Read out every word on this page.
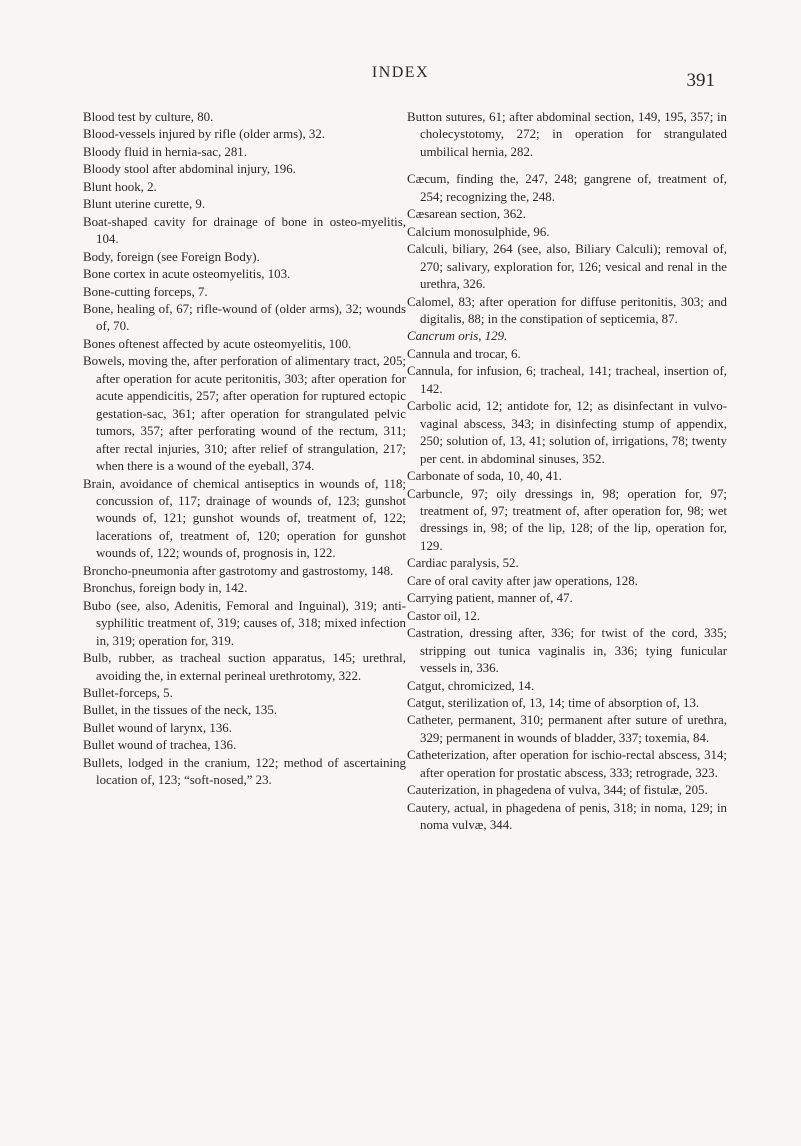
INDEX	391
Blood test by culture, 80.
Blood-vessels injured by rifle (older arms), 32.
Bloody fluid in hernia-sac, 281.
Bloody stool after abdominal injury, 196.
Blunt hook, 2.
Blunt uterine curette, 9.
Boat-shaped cavity for drainage of bone in osteo-myelitis, 104.
Body, foreign (see Foreign Body).
Bone cortex in acute osteomyelitis, 103.
Bone-cutting forceps, 7.
Bone, healing of, 67; rifle-wound of (older arms), 32; wounds of, 70.
Bones oftenest affected by acute osteomyelitis, 100.
Bowels, moving the, after perforation of alimentary tract, 205; after operation for acute peritonitis, 303; after operation for acute appendicitis, 257; after operation for ruptured ectopic gestation-sac, 361; after operation for strangulated pelvic tumors, 357; after perforating wound of the rectum, 311; after rectal injuries, 310; after relief of strangulation, 217; when there is a wound of the eyeball, 374.
Brain, avoidance of chemical antiseptics in wounds of, 118; concussion of, 117; drainage of wounds of, 123; gunshot wounds of, 121; gunshot wounds of, treatment of, 122; lacerations of, treatment of, 120; operation for gunshot wounds of, 122; wounds of, prognosis in, 122.
Broncho-pneumonia after gastrotomy and gastrostomy, 148.
Bronchus, foreign body in, 142.
Bubo (see, also, Adenitis, Femoral and Inguinal), 319; anti-syphilitic treatment of, 319; causes of, 318; mixed infection in, 319; operation for, 319.
Bulb, rubber, as tracheal suction apparatus, 145; urethral, avoiding the, in external perineal urethrotomy, 322.
Bullet-forceps, 5.
Bullet, in the tissues of the neck, 135.
Bullet wound of larynx, 136.
Bullet wound of trachea, 136.
Bullets, lodged in the cranium, 122; method of ascertaining location of, 123; “soft-nosed,” 23.
Button sutures, 61; after abdominal section, 149, 195, 357; in cholecystotomy, 272; in operation for strangulated umbilical hernia, 282.
Cæcum, finding the, 247, 248; gangrene of, treatment of, 254; recognizing the, 248.
Cæsarean section, 362.
Calcium monosulphide, 96.
Calculi, biliary, 264 (see, also, Biliary Calculi); removal of, 270; salivary, exploration for, 126; vesical and renal in the urethra, 326.
Calomel, 83; after operation for diffuse peritonitis, 303; and digitalis, 88; in the constipation of septicemia, 87.
Cancrum oris, 129.
Cannula and trocar, 6.
Cannula, for infusion, 6; tracheal, 141; tracheal, insertion of, 142.
Carbolic acid, 12; antidote for, 12; as disinfectant in vulvo-vaginal abscess, 343; in disinfecting stump of appendix, 250; solution of, 13, 41; solution of, irrigations, 78; twenty per cent. in abdominal sinuses, 352.
Carbonate of soda, 10, 40, 41.
Carbuncle, 97; oily dressings in, 98; operation for, 97; treatment of, 97; treatment of, after operation for, 98; wet dressings in, 98; of the lip, 128; of the lip, operation for, 129.
Cardiac paralysis, 52.
Care of oral cavity after jaw operations, 128.
Carrying patient, manner of, 47.
Castor oil, 12.
Castration, dressing after, 336; for twist of the cord, 335; stripping out tunica vaginalis in, 336; tying funicular vessels in, 336.
Catgut, chromicized, 14.
Catgut, sterilization of, 13, 14; time of absorption of, 13.
Catheter, permanent, 310; permanent after suture of urethra, 329; permanent in wounds of bladder, 337; toxemia, 84.
Catheterization, after operation for ischio-rectal abscess, 314; after operation for prostatic abscess, 333; retrograde, 323.
Cauterization, in phagedena of vulva, 344; of fistulæ, 205.
Cautery, actual, in phagedena of penis, 318; in noma, 129; in noma vulvæ, 344.
